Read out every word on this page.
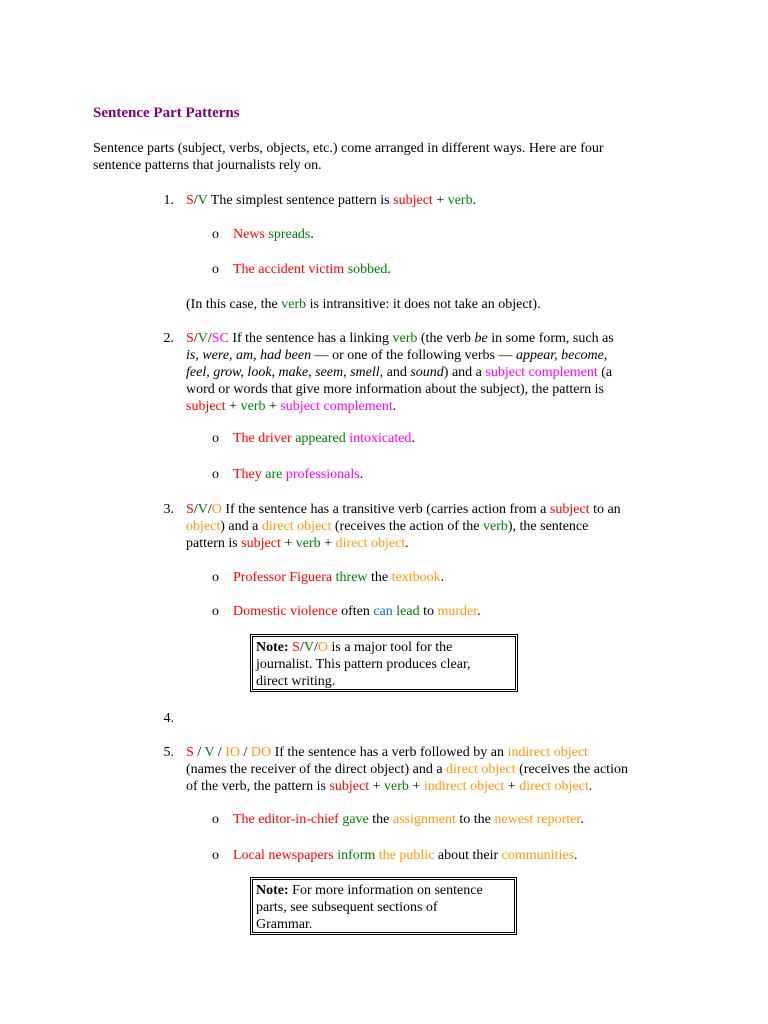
Sentence Part Patterns

Sentence parts (subject, verbs, objects, etc.) come arranged in different ways. Here are four

sentence patterns that journalists rely on.

1. S/V The simplest sentence pattern is subject + verb.

o News spreads.

o The accident victim sobbed.

(In this case, the verb is intransitive: it does not take an object).

2. S/V/SC If the sentence has a linking verb (the verb be in some form, such as

is, were, am, had been — or one of the following verbs — appear, become,

feel, grow, look, make, seem, smell, and sound) and a subject complement (a

word or words that give more information about the subject), the pattern is

subject + verb + subject complement.

o The driver appeared intoxicated.

o They are professionals.

3. S/V/O If the sentence has a transitive verb (carries action from a subject to an

object) and a direct object (receives the action of the verb), the sentence

pattern is subject + verb + direct object.

o Professor Figuera threw the textbook.

o Domestic violence often can lead to murder.

Note: S/V/O is a major tool for the
journalist. This pattern produces clear,
direct writing.
4.
5. S / V / IO / DO If the sentence has a verb followed by an indirect object

(names the receiver of the direct object) and a direct object (receives the action

of the verb, the pattern is subject + verb + indirect object + direct object.

o The editor-in-chief gave the assignment to the newest reporter.

o Local newspapers inform the public about their communities.

Note: For more information on sentence
parts, see subsequent sections of
Grammar.
